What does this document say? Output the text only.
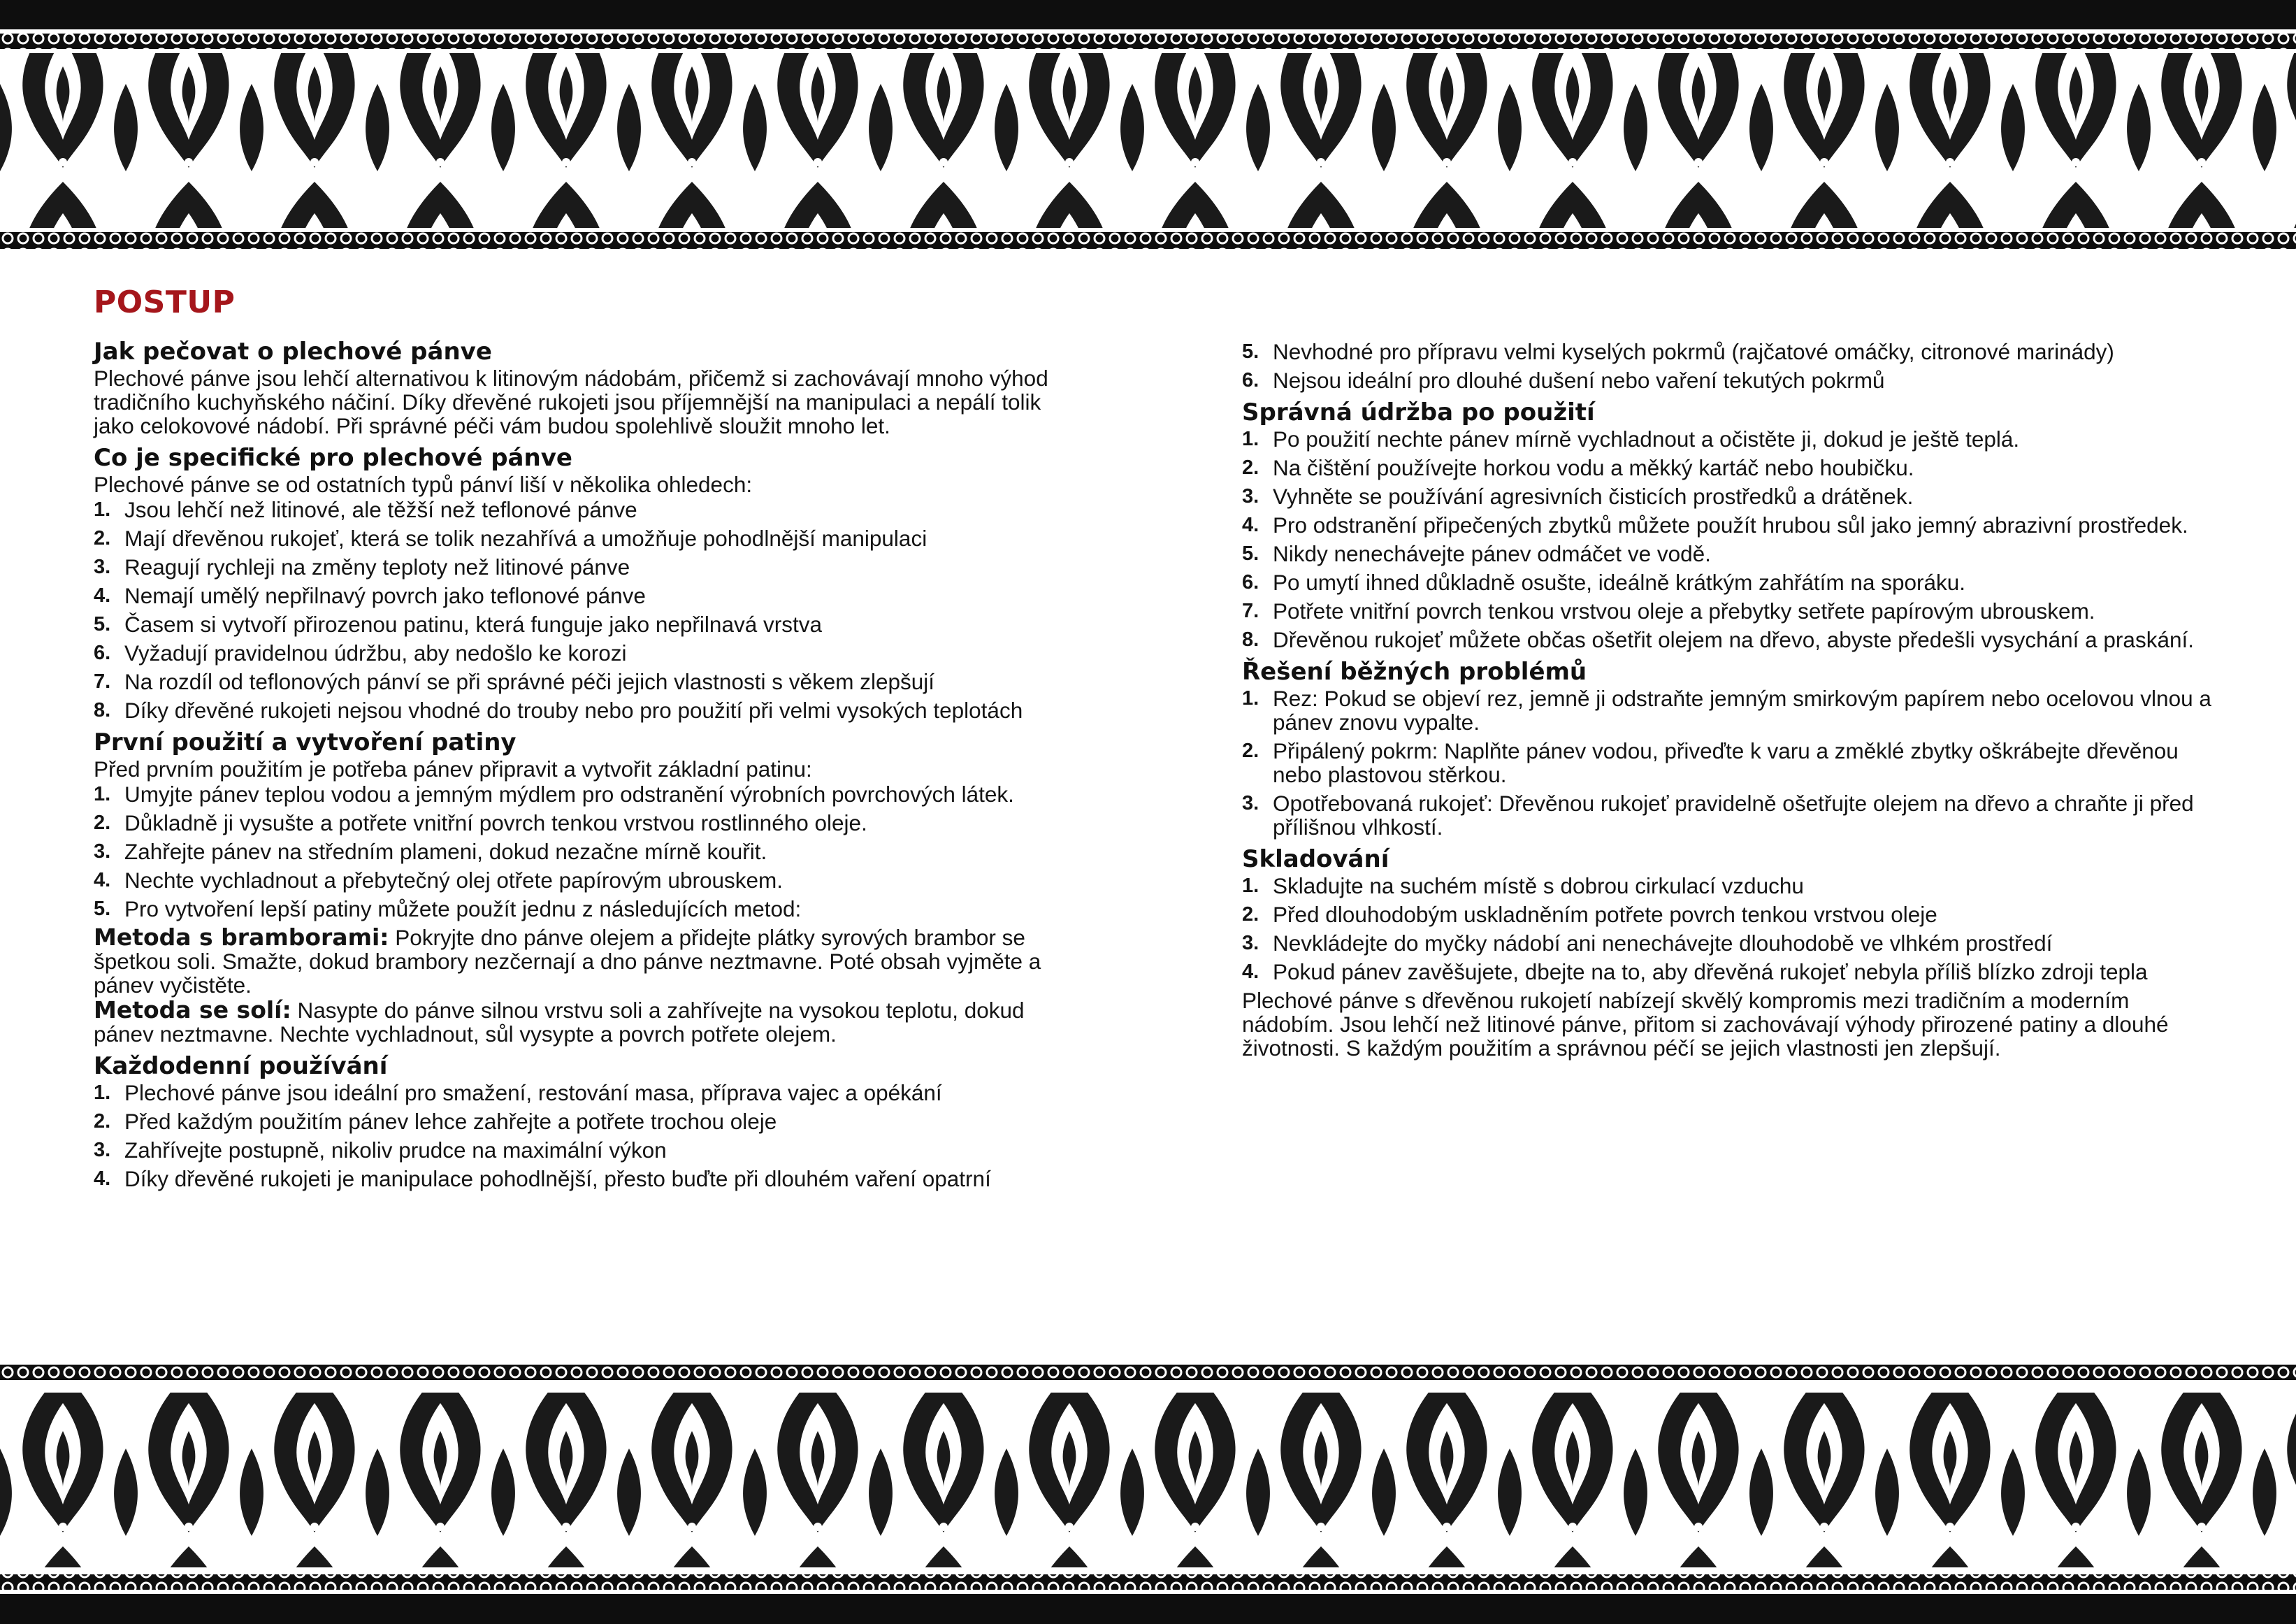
POSTUP
Jak pečovat o plechové pánve

Plechové pánve jsou lehčí alternativou k litinovým nádobám, přičemž si zachovávají mnoho výhod tradičního kuchyňského náčiní. Díky dřevěné rukojeti jsou příjemnější na manipulaci a nepálí tolik jako celokovové nádobí. Při správné péči vám budou spolehlivě sloužit mnoho let.

Co je specifické pro plechové pánve

Plechové pánve se od ostatních typů pánví liší v několika ohledech:

1. Jsou lehčí než litinové, ale těžší než teflonové pánve
2. Mají dřevěnou rukojeť, která se tolik nezahřívá a umožňuje pohodlnější manipulaci
3. Reagují rychleji na změny teploty než litinové pánve
4. Nemají umělý nepřilnavý povrch jako teflonové pánve
5. Časem si vytvoří přirozenou patinu, která funguje jako nepřilnavá vrstva
6. Vyžadují pravidelnou údržbu, aby nedošlo ke korozi
7. Na rozdíl od teflonových pánví se při správné péči jejich vlastnosti s věkem zlepšují
8. Díky dřevěné rukojeti nejsou vhodné do trouby nebo pro použití při velmi vysokých teplotách
První použití a vytvoření patiny

Před prvním použitím je potřeba pánev připravit a vytvořit základní patinu:

1. Umyjte pánev teplou vodou a jemným mýdlem pro odstranění výrobních povrchových látek.
2. Důkladně ji vysušte a potřete vnitřní povrch tenkou vrstvou rostlinného oleje.
3. Zahřejte pánev na středním plameni, dokud nezačne mírně kouřit.
4. Nechte vychladnout a přebytečný olej otřete papírovým ubrouskem.
5. Pro vytvoření lepší patiny můžete použít jednu z následujících metod:

Metoda s bramborami: Pokryjte dno pánve olejem a přidejte plátky syrových brambor se špetkou soli. Smažte, dokud brambory nezčernají a dno pánve neztmavne. Poté obsah vyjměte a pánev vyčistěte.

Metoda se solí: Nasypte do pánve silnou vrstvu soli a zahřívejte na vysokou teplotu, dokud pánev neztmavne. Nechte vychladnout, sůl vysypte a povrch potřete olejem.

Každodenní používání
1. Plechové pánve jsou ideální pro smažení, restování masa, příprava vajec a opékání
2. Před každým použitím pánev lehce zahřejte a potřete trochou oleje
3. Zahřívejte postupně, nikoliv prudce na maximální výkon
4. Díky dřevěné rukojeti je manipulace pohodlnější, přesto buďte při dlouhém vaření opatrní
5. Nevhodné pro přípravu velmi kyselých pokrmů (rajčatové omáčky, citronové marinády)
6. Nejsou ideální pro dlouhé dušení nebo vaření tekutých pokrmů
Správná údržba po použití
1. Po použití nechte pánev mírně vychladnout a očistěte ji, dokud je ještě teplá.
2. Na čištění používejte horkou vodu a měkký kartáč nebo houbičku.
3. Vyhněte se používání agresivních čisticích prostředků a drátěnek.
4. Pro odstranění připečených zbytků můžete použít hrubou sůl jako jemný abrazivní prostředek.
5. Nikdy nenechávejte pánev odmáčet ve vodě.
6. Po umytí ihned důkladně osušte, ideálně krátkým zahřátím na sporáku.
7. Potřete vnitřní povrch tenkou vrstvou oleje a přebytky setřete papírovým ubrouskem.
8. Dřevěnou rukojeť můžete občas ošetřit olejem na dřevo, abyste předešli vysychání a praskání.
Řešení běžných problémů
1. Rez: Pokud se objeví rez, jemně ji odstraňte jemným smirkovým papírem nebo ocelovou vlnou a pánev znovu vypalte.
2. Připálený pokrm: Naplňte pánev vodou, přiveďte k varu a změklé zbytky oškrábejte dřevěnou nebo plastovou stěrkou.
3. Opotřebovaná rukojeť: Dřevěnou rukojeť pravidelně ošetřujte olejem na dřevo a chraňte ji před přílišnou vlhkostí.
Skladování
1. Skladujte na suchém místě s dobrou cirkulací vzduchu
2. Před dlouhodobým uskladněním potřete povrch tenkou vrstvou oleje
3. Nevkládejte do myčky nádobí ani nenechávejte dlouhodobě ve vlhkém prostředí
4. Pokud pánev zavěšujete, dbejte na to, aby dřevěná rukojeť nebyla příliš blízko zdroji tepla

Plechové pánve s dřevěnou rukojetí nabízejí skvělý kompromis mezi tradičním a moderním nádobím. Jsou lehčí než litinové pánve, přitom si zachovávají výhody přirozené patiny a dlouhé životnosti. S každým použitím a správnou péčí se jejich vlastnosti jen zlepšují.
